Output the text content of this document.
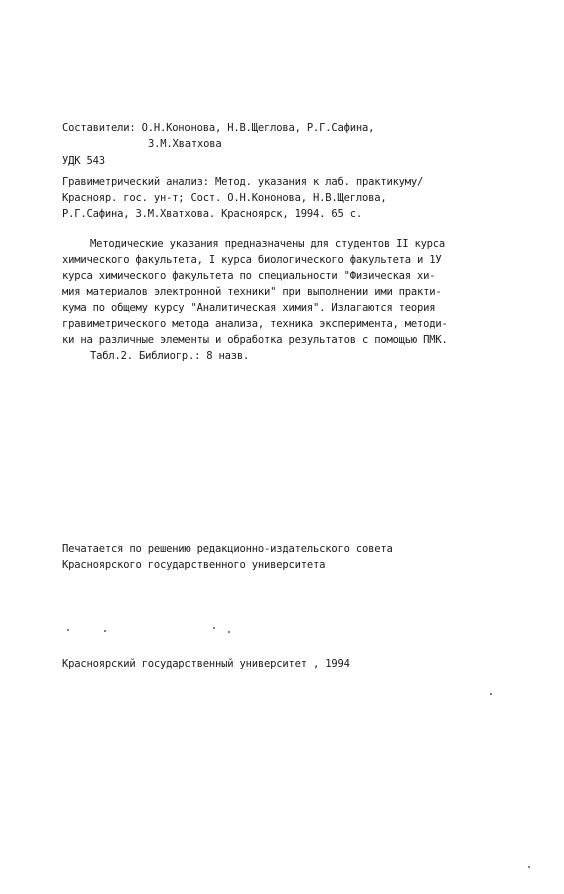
Составители: О.Н.Кононова, Н.В.Щеглова, Р.Г.Сафина,
З.М.Хватхова
УДК 543
Гравиметрический анализ: Метод. указания к лаб. практикуму/
Краснояр. гос. ун-т; Сост. О.Н.Кононова, Н.В.Щеглова,
Р.Г.Сафина, З.М.Хватхова. Красноярск, 1994. 65 с.
Методические указания предназначены для студентов II курса
химического факультета, I курса биологического факультета и 1У
курса химического факультета по специальности "Физическая хи-
мия материалов электронной техники" при выполнении ими практи-
кума по общему курсу "Аналитическая химия". Излагаются теория
гравиметрического метода анализа, техника эксперимента, методи-
ки на различные элементы и обработка результатов с помощью ПМК.
Табл.2. Библиогр.: 8 назв.
Печатается по решению редакционно-издательского совета
Красноярского государственного университета
Красноярский государственный университет , 1994
